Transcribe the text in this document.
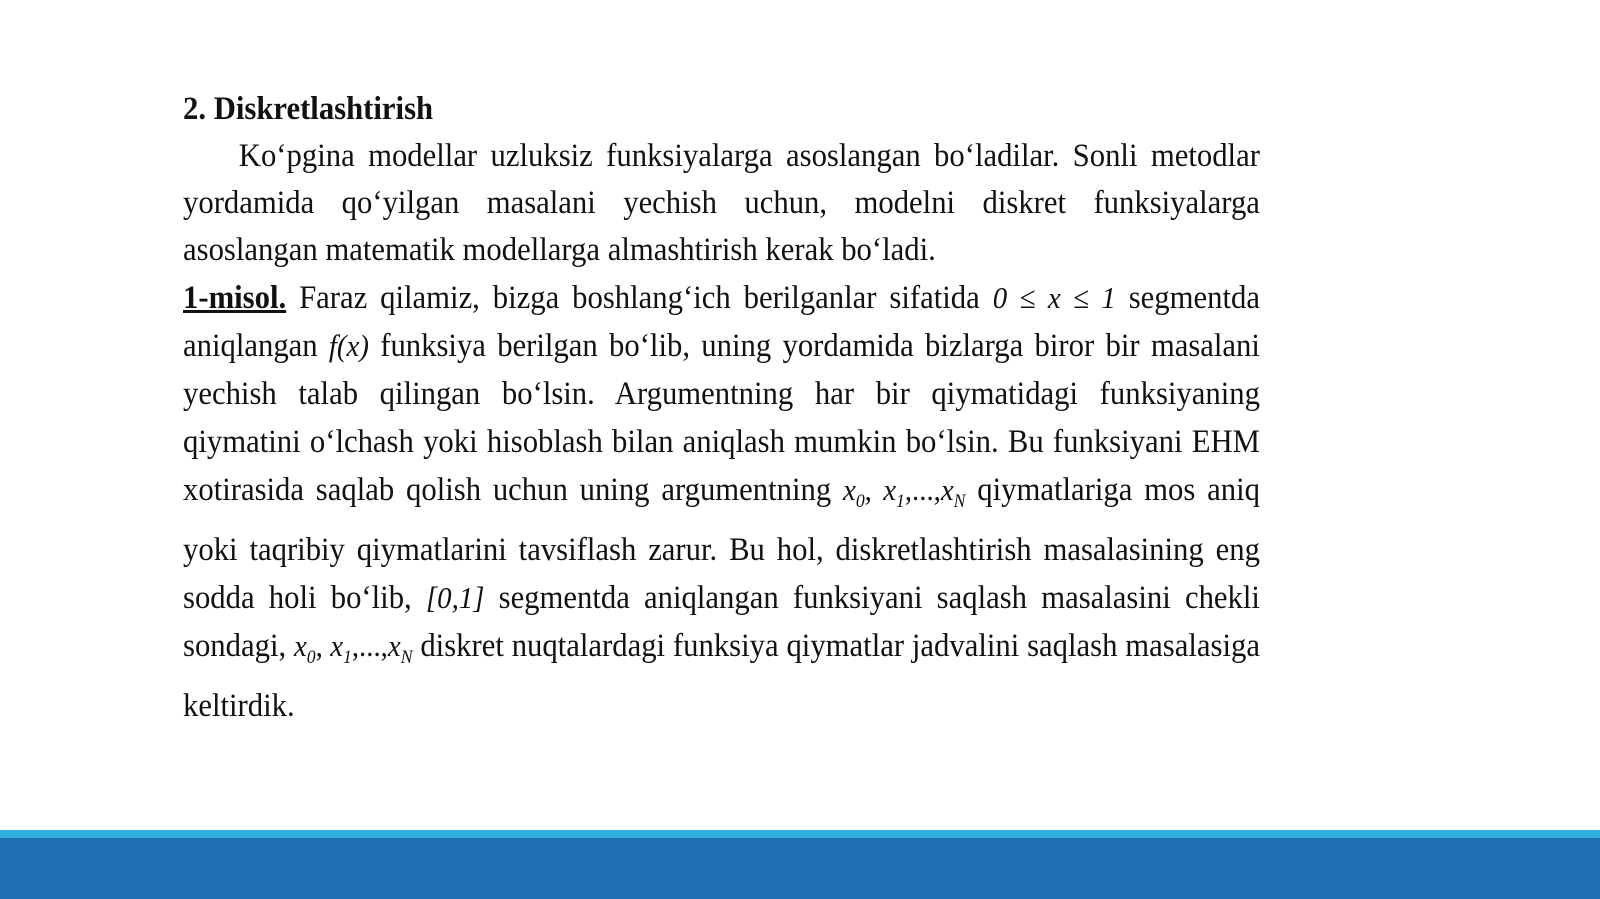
2. Diskretlashtirish

Ko‘pgina modellar uzluksiz funksiyalarga asoslangan bo‘ladilar. Sonli metodlar yordamida qo‘yilgan masalani yechish uchun, modelni diskret funksiyalarga asoslangan matematik modellarga almashtirish kerak bo‘ladi.

1-misol. Faraz qilamiz, bizga boshlang‘ich berilganlar sifatida 0 ≤ x ≤ 1 segmentda aniqlangan f(x) funksiya berilgan bo‘lib, uning yordamida bizlarga biror bir masalani yechish talab qilingan bo‘lsin. Argumentning har bir qiymatidagi funksiyaning qiymatini o‘lchash yoki hisoblash bilan aniqlash mumkin bo‘lsin. Bu funksiyani EHM xotirasida saqlab qolish uchun uning argumentning $x_0$, $x_1,...,x_N$ qiymatlariga mos aniq yoki taqribiy qiymatlarini tavsiflash zarur. Bu hol, diskretlashtirish masalasining eng sodda holi bo‘lib, [0,1] segmentda aniqlangan funksiyani saqlash masalasini chekli sondagi, $x_0$, $x_1,...,x_N$ diskret nuqtalardagi funksiya qiymatlar jadvalini saqlash masalasiga keltirdik.
